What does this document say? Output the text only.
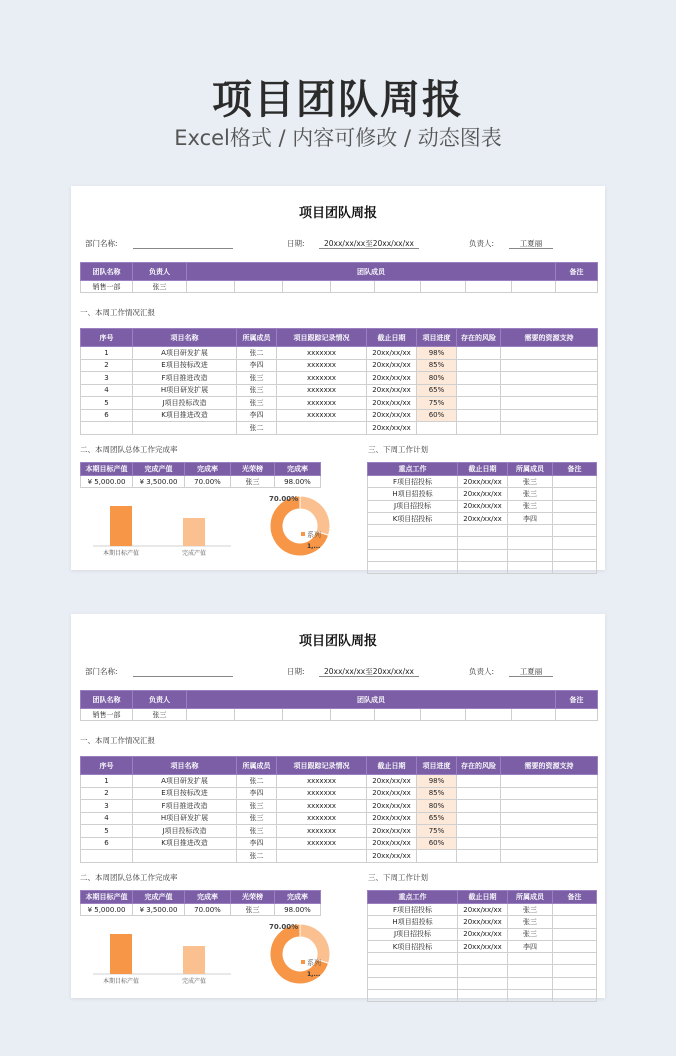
项目团队周报
Excel格式 / 内容可修改 / 动态图表
项目团队周报
部门名称:	日期:	20xx/xx/xx至20xx/xx/xx	负责人:	工夏丽
团队名称	负责人	团队成员								备注
销售一部	张三									
一、本周工作情况汇报
序号	项目名称	所属成员	项目跟踪记录情况	截止日期	项目进度	存在的风险	需要的资源支持
1	A项目研发扩展	张二	xxxxxxx	20xx/xx/xx	98%		
2	E项目按标改进	李四	xxxxxxx	20xx/xx/xx	85%		
3	F项目推进改造	张三	xxxxxxx	20xx/xx/xx	80%		
4	H项目研发扩展	张三	xxxxxxx	20xx/xx/xx	65%		
5	J项目投标改造	张三	xxxxxxx	20xx/xx/xx	75%		
6	K项目推进改造	李四	xxxxxxx	20xx/xx/xx	60%		
		张二		20xx/xx/xx			
二、本周团队总体工作完成率
本期目标产值	完成产值	完成率	光荣榜	完成率
¥ 5,000.00	¥ 3,500.00	70.00%	张三	98.00%
本期目标产值	完成产值
70.00%
系列
1,...
三、下周工作计划
重点工作	截止日期	所属成员	备注
F项目招投标	20xx/xx/xx	张三	
H项目招投标	20xx/xx/xx	张三	
J项目招投标	20xx/xx/xx	张三	
K项目招投标	20xx/xx/xx	李四	

项目团队周报
部门名称:	日期:	20xx/xx/xx至20xx/xx/xx	负责人:	工夏丽
团队名称	负责人	团队成员								备注
销售一部	张三									
一、本周工作情况汇报
序号	项目名称	所属成员	项目跟踪记录情况	截止日期	项目进度	存在的风险	需要的资源支持
1	A项目研发扩展	张二	xxxxxxx	20xx/xx/xx	98%		
2	E项目按标改进	李四	xxxxxxx	20xx/xx/xx	85%		
3	F项目推进改造	张三	xxxxxxx	20xx/xx/xx	80%		
4	H项目研发扩展	张三	xxxxxxx	20xx/xx/xx	65%		
5	J项目投标改造	张三	xxxxxxx	20xx/xx/xx	75%		
6	K项目推进改造	李四	xxxxxxx	20xx/xx/xx	60%		
		张二		20xx/xx/xx			
二、本周团队总体工作完成率
本期目标产值	完成产值	完成率	光荣榜	完成率
¥ 5,000.00	¥ 3,500.00	70.00%	张三	98.00%
本期目标产值	完成产值
70.00%
系列
1,...
三、下周工作计划
重点工作	截止日期	所属成员	备注
F项目招投标	20xx/xx/xx	张三	
H项目招投标	20xx/xx/xx	张三	
J项目招投标	20xx/xx/xx	张三	
K项目招投标	20xx/xx/xx	李四	
